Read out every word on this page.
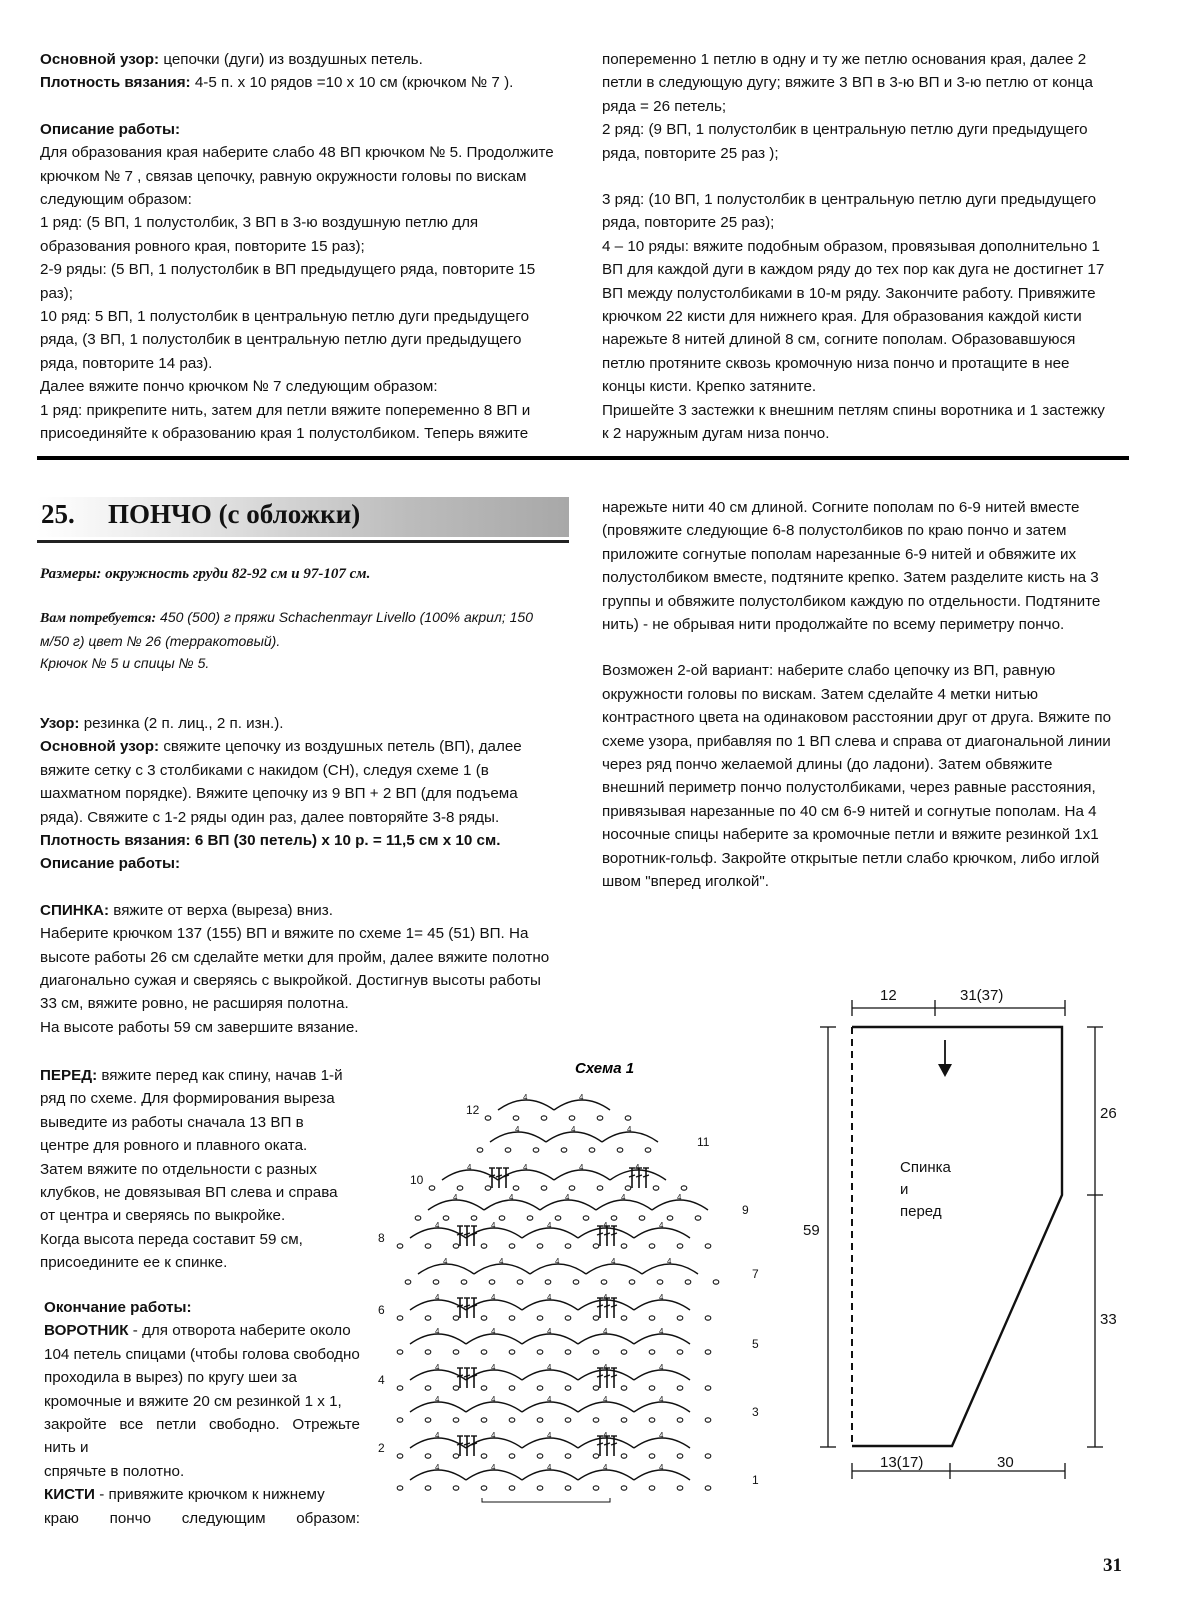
Основной узор: цепочки (дуги) из воздушных петель.

Плотность вязания: 4-5 п. х 10 рядов =10 х 10 см (крючком № 7 ).

Описание работы:

Для образования края наберите слабо 48 ВП крючком № 5. Продолжите

крючком № 7 , связав цепочку, равную окружности головы по вискам

следующим образом:

1 ряд: (5 ВП, 1 полустолбик, 3 ВП в 3-ю воздушную петлю для

образования ровного края, повторите 15 раз);

2-9 ряды: (5 ВП, 1 полустолбик в ВП предыдущего ряда, повторите 15

раз);

10 ряд: 5 ВП, 1 полустолбик в центральную петлю дуги предыдущего

ряда, (3 ВП, 1 полустолбик в центральную петлю дуги предыдущего

ряда, повторите 14 раз).

Далее вяжите пончо крючком № 7 следующим образом:

1 ряд: прикрепите нить, затем для петли вяжите попеременно 8 ВП и

присоединяйте к образованию края 1 полустолбиком. Теперь вяжите

попеременно 1 петлю в одну и ту же петлю основания края, далее 2

петли в следующую дугу; вяжите 3 ВП в 3-ю ВП и 3-ю петлю от конца

ряда = 26 петель;

2 ряд: (9 ВП, 1 полустолбик в центральную петлю дуги предыдущего

ряда, повторите 25 раз );

3 ряд: (10 ВП, 1 полустолбик в центральную петлю дуги предыдущего

ряда, повторите 25 раз);

4 – 10 ряды: вяжите подобным образом, провязывая дополнительно 1

ВП для каждой дуги в каждом ряду до тех пор как дуга не достигнет 17

ВП между полустолбиками в 10-м ряду. Закончите работу. Привяжите

крючком 22 кисти для нижнего края. Для образования каждой кисти

нарежьте 8 нитей длиной 8 см, согните пополам. Образовавшуюся

петлю протяните сквозь кромочную низа пончо и протащите в нее

концы кисти. Крепко затяните.

Пришейте 3 застежки к внешним петлям спины воротника и 1 застежку

к 2 наружным дугам низа пончо.

25. ПОНЧО (с обложки)
Размеры: окружность груди 82-92 см и 97-107 см.
Вам потребуется: 450 (500) г пряжи Schachenmayr Livello (100% акрил; 150
м/50 г) цвет № 26 (терракотовый).
Крючок № 5 и спицы № 5.

Узор: резинка (2 п. лиц., 2 п. изн.).

Основной узор: свяжите цепочку из воздушных петель (ВП), далее

вяжите сетку с 3 столбиками с накидом (СН), следуя схеме 1 (в

шахматном порядке). Вяжите цепочку из 9 ВП + 2 ВП (для подъема

ряда). Свяжите с 1-2 ряды один раз, далее повторяйте 3-8 ряды.

Плотность вязания: 6 ВП (30 петель) х 10 р. = 11,5 см х 10 см.

Описание работы:

СПИНКА: вяжите от верха (выреза) вниз.

Наберите крючком 137 (155) ВП и вяжите по схеме 1= 45 (51) ВП. На

высоте работы 26 см сделайте метки для пройм, далее вяжите полотно

диагонально сужая и сверяясь с выкройкой. Достигнув высоты работы

33 см, вяжите ровно, не расширяя полотна.

На высоте работы 59 см завершите вязание.

ПЕРЕД: вяжите перед как спину, начав 1-й

ряд по схеме. Для формирования выреза

выведите из работы сначала 13 ВП в

центре для ровного и плавного оката.

Затем вяжите по отдельности с разных

клубков, не довязывая ВП слева и справа

от центра и сверяясь по выкройке.

Когда высота переда составит 59 см,

присоедините ее к спинке.

Окончание работы:

ВОРОТНИК - для отворота наберите около

104 петель спицами (чтобы голова свободно

проходила в вырез) по кругу шеи за

кромочные и вяжите 20 см резинкой 1 х 1,

закройте все петли свободно. Отрежьте нить и

спрячьте в полотно.

КИСТИ - привяжите крючком к нижнему

краю пончо следующим образом:

нарежьте нити 40 см длиной. Согните пополам по 6-9 нитей вместе

(провяжите следующие 6-8 полустолбиков по краю пончо и затем

приложите согнутые пополам нарезанные 6-9 нитей и обвяжите их

полустолбиком вместе, подтяните крепко. Затем разделите кисть на 3

группы и обвяжите полустолбиком каждую по отдельности. Подтяните

нить) - не обрывая нити продолжайте по всему периметру пончо.

Возможен 2-ой вариант: наберите слабо цепочку из ВП, равную

окружности головы по вискам. Затем сделайте 4 метки нитью

контрастного цвета на одинаковом расстоянии друг от друга. Вяжите по

схеме узора, прибавляя по 1 ВП слева и справа от диагональной линии

через ряд пончо желаемой длины (до ладони). Затем обвяжите

внешний периметр пончо полустолбиками, через равные расстояния,

привязывая нарезанные по 40 см 6-9 нитей и согнутые пополам. На 4

носочные спицы наберите за кромочные петли и вяжите резинкой 1х1

воротник-гольф. Закройте открытые петли слабо крючком, либо иглой

швом "вперед иголкой".

Схема 1
1
2
3
4
5
6
7
8
9
10
11
12
4	4	4	4	4
4	4	4	4	4
4	4	4	4	4
4	4	4	4	4
4	4	4	4	4
4	4	4	4	4
4	4	4	4	4
4	4	4	4	4
4	4	4	4	4
4	4	4	4
4	4	4
4	4
12	31(37)
59
26
33
13(17)	30
Спинка
и
перед
31
